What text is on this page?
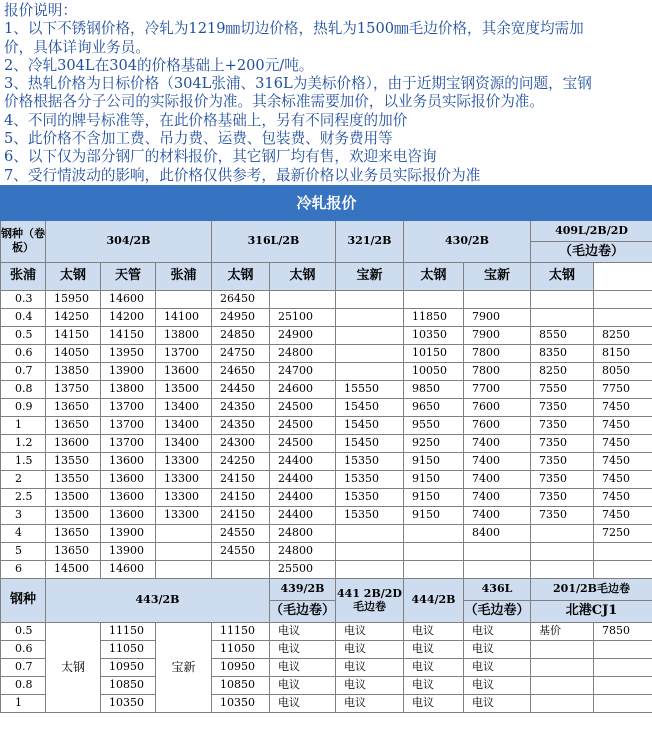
报价说明：
1、以下不锈钢价格，冷轧为1219㎜切边价格，热轧为1500㎜毛边价格，其余宽度均需加
价，具体详询业务员。
2、冷轧304L在304的价格基础上+200元/吨。
3、热轧价格为日标价格（304L张浦、316L为美标价格），由于近期宝钢资源的问题，宝钢
价格根据各分子公司的实际报价为准。其余标准需要加价，以业务员实际报价为准。
4、不同的牌号标准等，在此价格基础上，另有不同程度的加价
5、此价格不含加工费、吊力费、运费、包装费、财务费用等
6、以下仅为部分钢厂的材料报价，其它钢厂均有售，欢迎来电咨询
7、受行情波动的影响，此价格仅供参考，最新价格以业务员实际报价为准
冷轧报价										
钢种（卷板）	304/2B			316L/2B		321/2B	430/2B		409L/2B/2D	
									（毛边卷）	
张浦	太钢	天管	张浦	太钢	太钢	宝新	太钢	宝新	太钢	
0.3	15950	14600		26450						
0.4	14250	14200	14100	24950	25100		11850	7900		
0.5	14150	14150	13800	24850	24900		10350	7900	8550	8250
0.6	14050	13950	13700	24750	24800		10150	7800	8350	8150
0.7	13850	13900	13600	24650	24700		10050	7800	8250	8050
0.8	13750	13800	13500	24450	24600	15550	9850	7700	7550	7750
0.9	13650	13700	13400	24350	24500	15450	9650	7600	7350	7450
1	13650	13700	13400	24350	24500	15450	9550	7600	7350	7450
1.2	13600	13700	13400	24300	24500	15450	9250	7400	7350	7450
1.5	13550	13600	13300	24250	24400	15350	9150	7400	7350	7450
2	13550	13600	13300	24150	24400	15350	9150	7400	7350	7450
2.5	13500	13600	13300	24150	24400	15350	9150	7400	7350	7450
3	13500	13600	13300	24150	24400	15350	9150	7400	7350	7450
4	13650	13900		24550	24800			8400		7250
5	13650	13900		24550	24800					
6	14500	14600			25500					
钢种	443/2B				439/2B	441 2B/2D 毛边卷	444/2B	436L	201/2B毛边卷	
					（毛边卷）			（毛边卷）	北港CJ1	
0.5	太钢	11150	宝新	11150	电议	电议	电议	电议	基价	7850
0.6		11050		11050	电议	电议	电议	电议		
0.7		10950		10950	电议	电议	电议	电议		
0.8		10850		10850	电议	电议	电议	电议		
1		10350		10350	电议	电议	电议	电议		
